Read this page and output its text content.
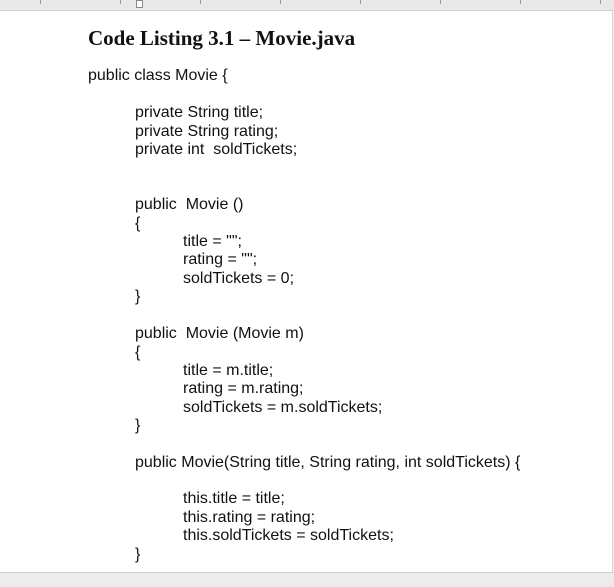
Code Listing 3.1 – Movie.java
public class Movie {
private String title;
private String rating;
private int  soldTickets;
public  Movie ()
{
title = "";
rating = "";
soldTickets = 0;
}
public  Movie (Movie m)
{
title = m.title;
rating = m.rating;
soldTickets = m.soldTickets;
}
public Movie(String title, String rating, int soldTickets) {
this.title = title;
this.rating = rating;
this.soldTickets = soldTickets;
}
